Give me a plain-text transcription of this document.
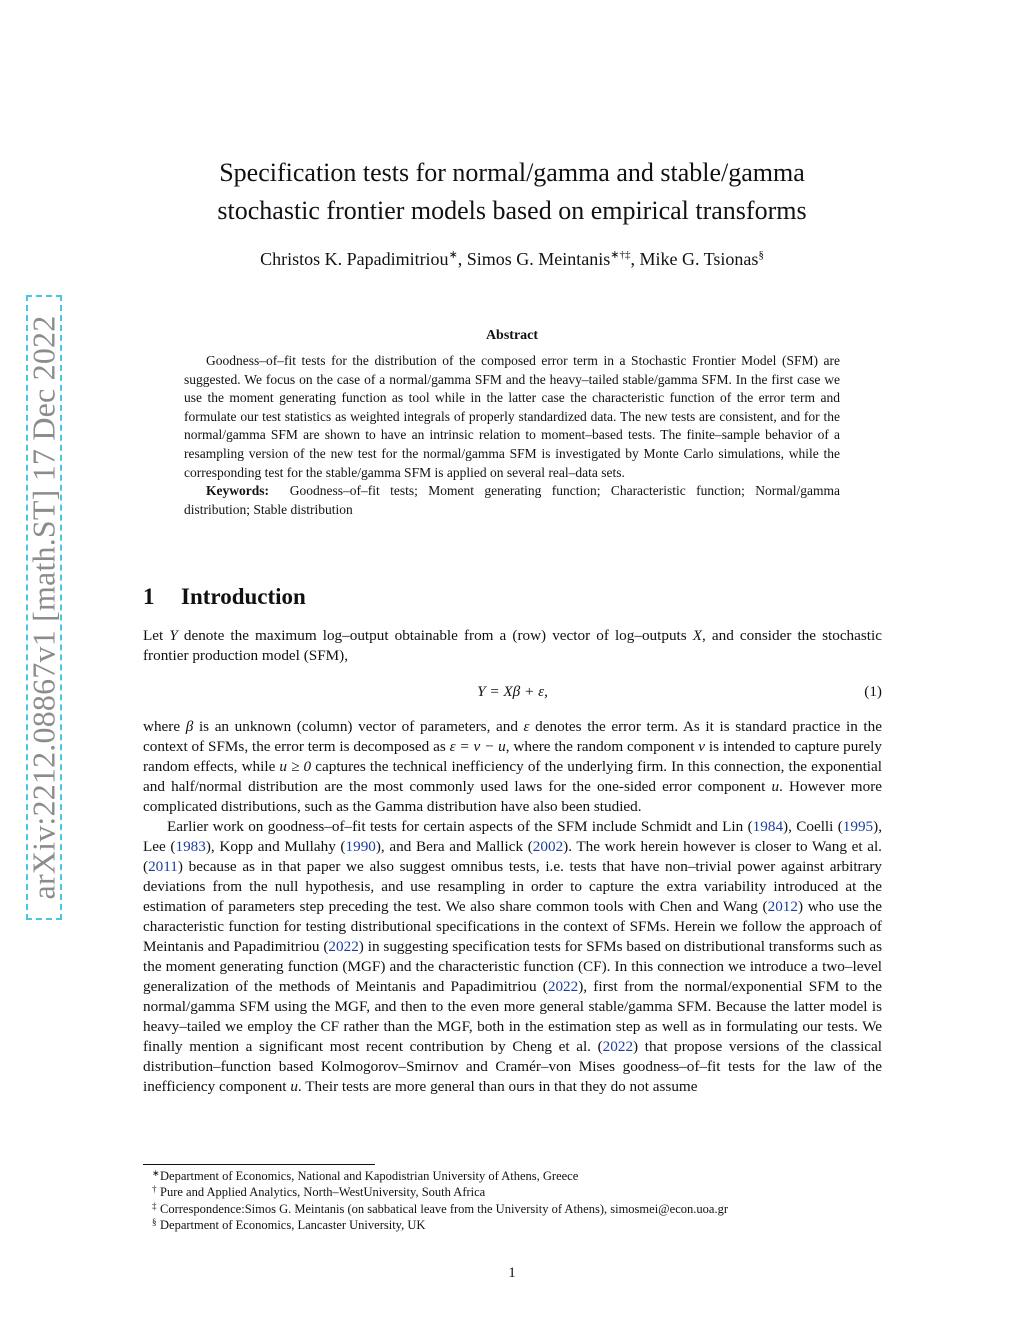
arXiv:2212.08867v1 [math.ST] 17 Dec 2022
Specification tests for normal/gamma and stable/gamma
stochastic frontier models based on empirical transforms
Christos K. Papadimitriou∗, Simos G. Meintanis∗†‡, Mike G. Tsionas§
Abstract

Goodness–of–fit tests for the distribution of the composed error term in a Stochastic Frontier Model (SFM) are suggested. We focus on the case of a normal/gamma SFM and the heavy–tailed stable/gamma SFM. In the first case we use the moment generating function as tool while in the latter case the characteristic function of the error term and formulate our test statistics as weighted integrals of properly standardized data. The new tests are consistent, and for the normal/gamma SFM are shown to have an intrinsic relation to moment–based tests. The finite–sample behavior of a resampling version of the new test for the normal/gamma SFM is investigated by Monte Carlo simulations, while the corresponding test for the stable/gamma SFM is applied on several real–data sets.

Keywords: Goodness–of–fit tests; Moment generating function; Characteristic function; Normal/gamma distribution; Stable distribution

1 Introduction

Let Y denote the maximum log–output obtainable from a (row) vector of log–outputs X, and consider the stochastic frontier production model (SFM),

Y = Xβ + ε,	(1)

where β is an unknown (column) vector of parameters, and ε denotes the error term. As it is standard practice in the context of SFMs, the error term is decomposed as ε = v − u, where the random component v is intended to capture purely random effects, while u ≥ 0 captures the technical inefficiency of the underlying firm. In this connection, the exponential and half/normal distribution are the most commonly used laws for the one-sided error component u. However more complicated distributions, such as the Gamma distribution have also been studied.

Earlier work on goodness–of–fit tests for certain aspects of the SFM include Schmidt and Lin (1984), Coelli (1995), Lee (1983), Kopp and Mullahy (1990), and Bera and Mallick (2002). The work herein however is closer to Wang et al. (2011) because as in that paper we also suggest omnibus tests, i.e. tests that have non–trivial power against arbitrary deviations from the null hypothesis, and use resampling in order to capture the extra variability introduced at the estimation of parameters step preceding the test. We also share common tools with Chen and Wang (2012) who use the characteristic function for testing distributional specifications in the context of SFMs. Herein we follow the approach of Meintanis and Papadimitriou (2022) in suggesting specification tests for SFMs based on distributional transforms such as the moment generating function (MGF) and the characteristic function (CF). In this connection we introduce a two–level generalization of the methods of Meintanis and Papadimitriou (2022), first from the normal/exponential SFM to the normal/gamma SFM using the MGF, and then to the even more general stable/gamma SFM. Because the latter model is heavy–tailed we employ the CF rather than the MGF, both in the estimation step as well as in formulating our tests. We finally mention a significant most recent contribution by Cheng et al. (2022) that propose versions of the classical distribution–function based Kolmogorov–Smirnov and Cramér–von Mises goodness–of–fit tests for the law of the inefficiency component u. Their tests are more general than ours in that they do not assume

∗ Department of Economics, National and Kapodistrian University of Athens, Greece
† Pure and Applied Analytics, North–WestUniversity, South Africa
‡ Correspondence:Simos G. Meintanis (on sabbatical leave from the University of Athens), simosmei@econ.uoa.gr
§ Department of Economics, Lancaster University, UK
1
